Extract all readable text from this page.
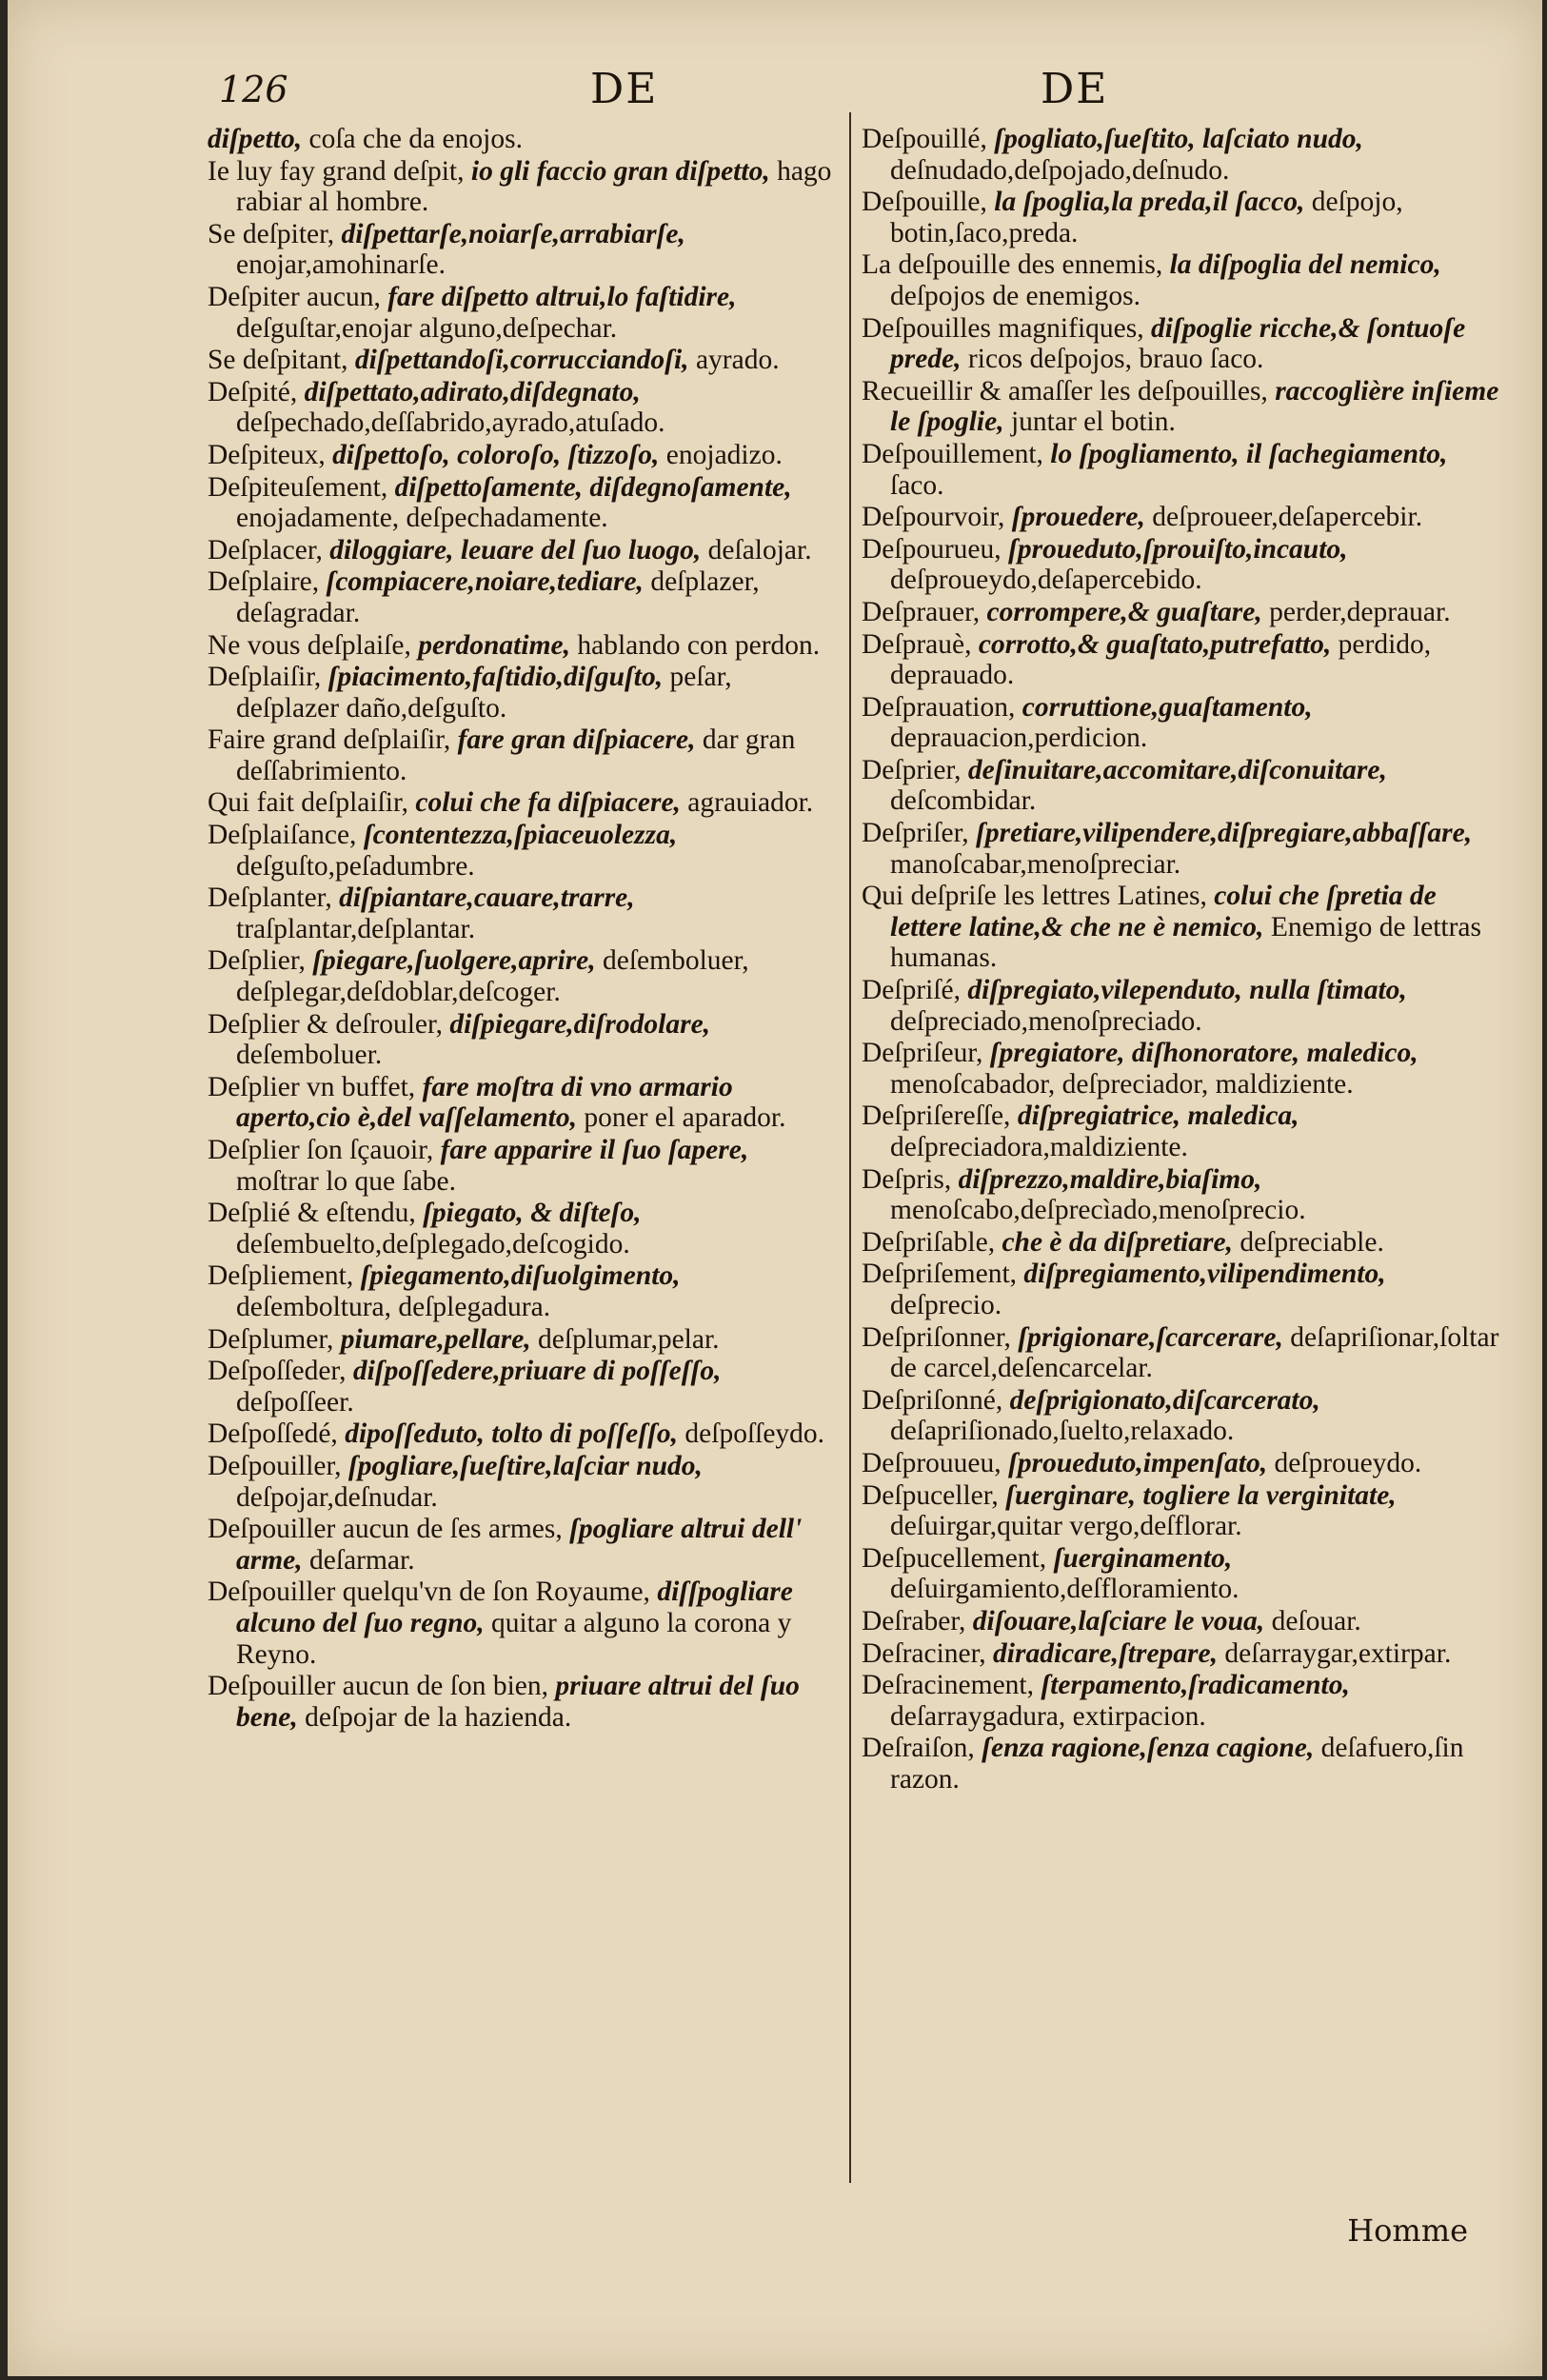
126	DE	DE
diſpetto, coſa che da enojos.
Ie luy fay grand deſpit, io gli faccio gran diſpetto, hago rabiar al hombre.
Se deſpiter, diſpettarſe,noiarſe,arrabiarſe, enojar,amohinarſe.
Deſpiter aucun, fare diſpetto altrui,lo faſtidire, deſguſtar,enojar alguno,deſpechar.
Se deſpitant, diſpettandoſi,corrucciandoſi, ayrado.
Deſpité, diſpettato,adirato,diſdegnato, deſpechado,deſſabrido,ayrado,atuſado.
Deſpiteux, diſpettoſo, coloroſo, ſtizzoſo, enojadizo.
Deſpiteuſement, diſpettoſamente, diſdegnoſamente, enojadamente, deſpechadamente.
Deſplacer, diloggiare, leuare del ſuo luogo, deſalojar.
Deſplaire, ſcompiacere,noiare,tediare, deſplazer, deſagradar.
Ne vous deſplaiſe, perdonatime, hablando con perdon.
Deſplaiſir, ſpiacimento,faſtidio,diſguſto, peſar, deſplazer daño,deſguſto.
Faire grand deſplaiſir, fare gran diſpiacere, dar gran deſſabrimiento.
Qui fait deſplaiſir, colui che fa diſpiacere, agrauiador.
Deſplaiſance, ſcontentezza,ſpiaceuolezza, deſguſto,peſadumbre.
Deſplanter, diſpiantare,cauare,trarre, traſplantar,deſplantar.
Deſplier, ſpiegare,ſuolgere,aprire, deſemboluer, deſplegar,deſdoblar,deſcoger.
Deſplier & deſrouler, diſpiegare,diſrodolare, deſemboluer.
Deſplier vn buffet, fare moſtra di vno armario aperto,cio è,del vaſſelamento, poner el aparador.
Deſplier ſon ſçauoir, fare apparire il ſuo ſapere, moſtrar lo que ſabe.
Deſplié & eſtendu, ſpiegato, & diſteſo, deſembuelto,deſplegado,deſcogido.
Deſpliement, ſpiegamento,diſuolgimento, deſemboltura, deſplegadura.
Deſplumer, piumare,pellare, deſplumar,pelar.
Deſpoſſeder, diſpoſſedere,priuare di poſſeſſo, deſpoſſeer.
Deſpoſſedé, dipoſſeduto, tolto di poſſeſſo, deſpoſſeydo.
Deſpouiller, ſpogliare,ſueſtire,laſciar nudo, deſpojar,deſnudar.
Deſpouiller aucun de ſes armes, ſpogliare altrui dell' arme, deſarmar.
Deſpouiller quelqu'vn de ſon Royaume, diſſpogliare alcuno del ſuo regno, quitar a alguno la corona y Reyno.
Deſpouiller aucun de ſon bien, priuare altrui del ſuo bene, deſpojar de la hazienda.
Deſpouillé, ſpogliato,ſueſtito, laſciato nudo, deſnudado,deſpojado,deſnudo.
Deſpouille, la ſpoglia,la preda,il ſacco, deſpojo, botin,ſaco,preda.
La deſpouille des ennemis, la diſpoglia del nemico, deſpojos de enemigos.
Deſpouilles magnifiques, diſpoglie ricche,& ſontuoſe prede, ricos deſpojos, brauo ſaco.
Recueillir & amaſſer les deſpouilles, raccoglière inſieme le ſpoglie, juntar el botin.
Deſpouillement, lo ſpogliamento, il ſachegiamento, ſaco.
Deſpourvoir, ſprouedere, deſproueer,deſapercebir.
Deſpourueu, ſproueduto,ſprouiſto,incauto, deſproueydo,deſapercebido.
Deſprauer, corrompere,& guaſtare, perder,deprauar.
Deſprauè, corrotto,& guaſtato,putrefatto, perdido, deprauado.
Deſprauation, corruttione,guaſtamento, deprauacion,perdicion.
Deſprier, deſinuitare,accomitare,diſconuitare, deſcombidar.
Deſpriſer, ſpretiare,vilipendere,diſpregiare,abbaſſare, manoſcabar,menoſpreciar.
Qui deſpriſe les lettres Latines, colui che ſpretia de lettere latine,& che ne è nemico, Enemigo de lettras humanas.
Deſpriſé, diſpregiato,vilependuto, nulla ſtimato, deſpreciado,menoſpreciado.
Deſpriſeur, ſpregiatore, diſhonoratore, maledico, menoſcabador, deſpreciador, maldiziente.
Deſpriſereſſe, diſpregiatrice, maledica, deſpreciadora,maldiziente.
Deſpris, diſprezzo,maldire,biaſimo, menoſcabo,deſprecìado,menoſprecio.
Deſpriſable, che è da diſpretiare, deſpreciable.
Deſpriſement, diſpregiamento,vilipendimento, deſprecio.
Deſpriſonner, ſprigionare,ſcarcerare, deſapriſionar,ſoltar de carcel,deſencarcelar.
Deſpriſonné, deſprigionato,diſcarcerato, deſapriſionado,ſuelto,relaxado.
Deſprouueu, ſproueduto,impenſato, deſproueydo.
Deſpuceller, ſuerginare, togliere la verginitate, deſuirgar,quitar vergo,deſflorar.
Deſpucellement, ſuerginamento, deſuirgamiento,deſfloramiento.
Deſraber, diſouare,laſciare le voua, deſouar.
Deſraciner, diradicare,ſtrepare, deſarraygar,extirpar.
Deſracinement, ſterpamento,ſradicamento, deſarraygadura, extirpacion.
Deſraiſon, ſenza ragione,ſenza cagione, deſafuero,ſin razon.
Homme
